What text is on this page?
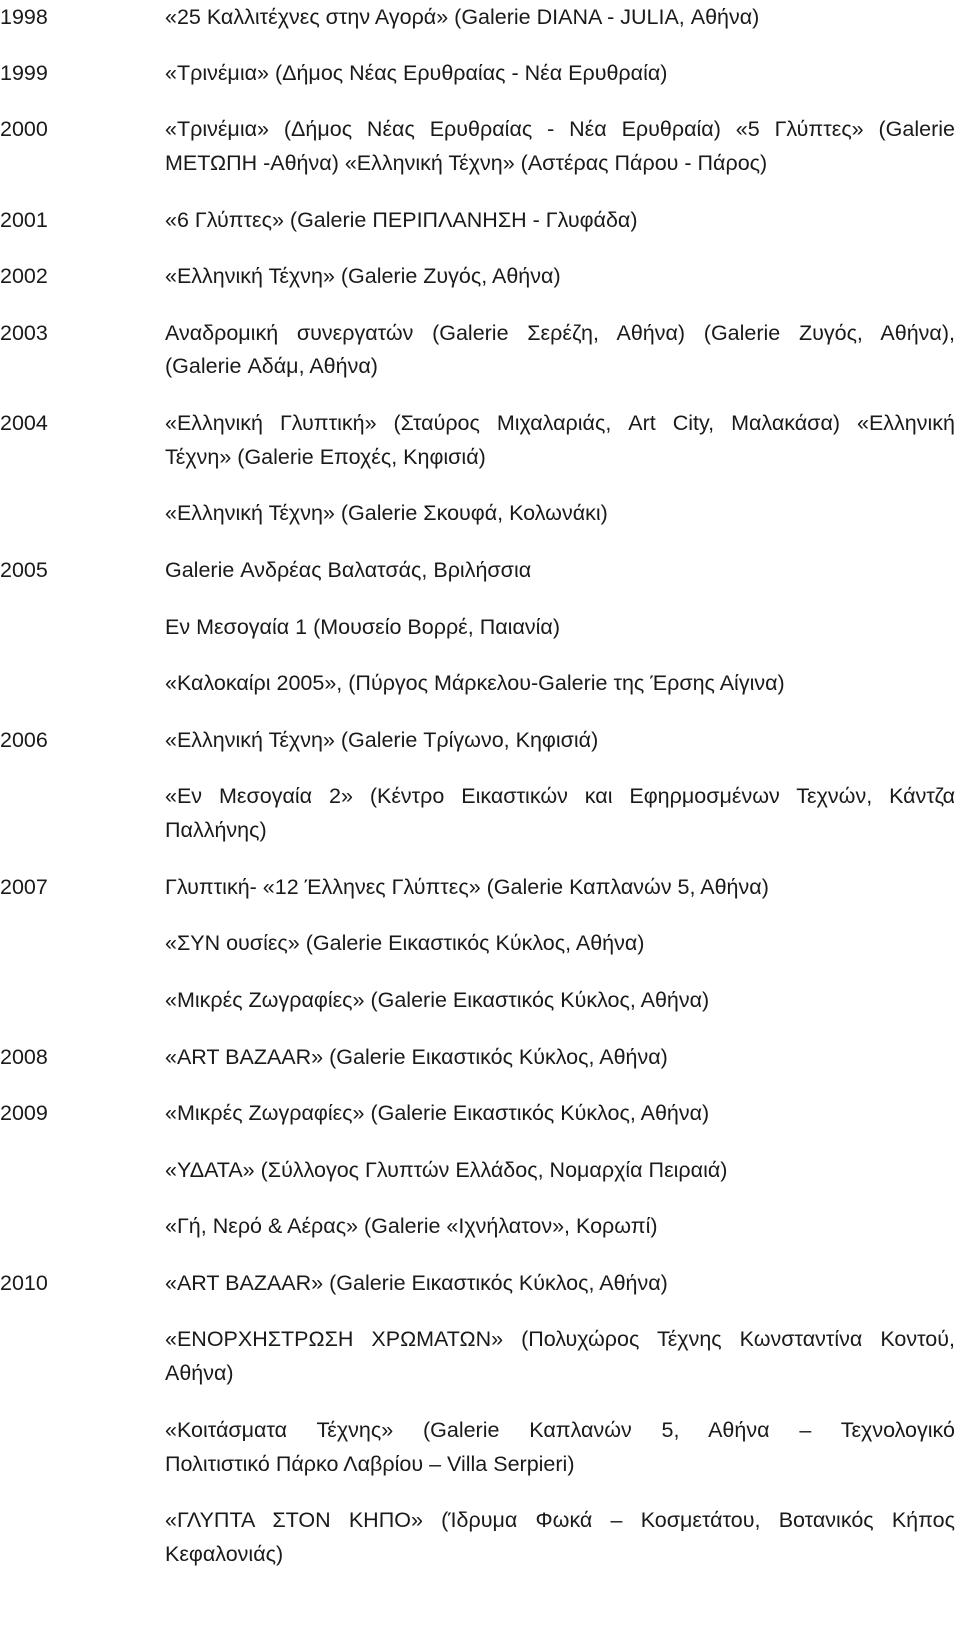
1998
1999
2000
2001
2002
2003
2004
2005
2006
2007
2008
2009
2010
«25 Καλλιτέχνες στην Αγορά» (Galerie DIANA - JULIA, Αθήνα)
«Τρινέμια» (Δήμος Νέας Ερυθραίας - Νέα Ερυθραία)
«Τρινέμια» (Δήμος Νέας Ερυθραίας - Νέα Ερυθραία) «5 Γλύπτες» (Galerie
ΜΕΤΩΠΗ -Αθήνα) «Ελληνική Τέχνη» (Αστέρας Πάρου - Πάρος)
«6 Γλύπτες» (Galerie ΠΕΡΙΠΛΑΝΗΣΗ - Γλυφάδα)
«Ελληνική Τέχνη» (Galerie Ζυγός, Αθήνα)
Αναδρομική συνεργατών (Galerie Σερέζη, Αθήνα) (Galerie Ζυγός, Αθήνα),
(Galerie Αδάμ, Αθήνα)
«Ελληνική Γλυπτική» (Σταύρος Μιχαλαριάς, Art City, Μαλακάσα) «Ελληνική
Τέχνη» (Galerie Εποχές, Κηφισιά)
«Ελληνική Τέχνη» (Galerie Σκουφά, Κολωνάκι)
Galerie Ανδρέας Βαλατσάς, Βριλήσσια
Εν Μεσογαία 1 (Μουσείο Βορρέ, Παιανία)
«Καλοκαίρι 2005», (Πύργος Μάρκελου-Galerie της Έρσης Αίγινα)
«Ελληνική Τέχνη» (Galerie Τρίγωνο, Κηφισιά)
«Εν Μεσογαία 2» (Κέντρο Εικαστικών και Εφηρμοσμένων Τεχνών, Κάντζα
Παλλήνης)
Γλυπτική- «12 Έλληνες Γλύπτες» (Galerie Καπλανών 5, Αθήνα)
«ΣΥΝ ουσίες» (Galerie Εικαστικός Κύκλος, Αθήνα)
«Μικρές Ζωγραφίες» (Galerie Εικαστικός Κύκλος, Αθήνα)
«ART BAZAAR» (Galerie Εικαστικός Κύκλος, Αθήνα)
«Μικρές Ζωγραφίες» (Galerie Εικαστικός Κύκλος, Αθήνα)
«ΥΔΑΤΑ» (Σύλλογος Γλυπτών Ελλάδος, Νομαρχία Πειραιά)
«Γή, Νερό & Αέρας» (Galerie «Ιχνήλατον», Κορωπί)
«ART BAZAAR» (Galerie Εικαστικός Κύκλος, Αθήνα)
«ΕΝΟΡΧΗΣΤΡΩΣΗ ΧΡΩΜΑΤΩΝ» (Πολυχώρος Τέχνης Κωνσταντίνα Κοντού,
Αθήνα)
«Κοιτάσματα Τέχνης» (Galerie Καπλανών 5, Αθήνα – Τεχνολογικό
Πολιτιστικό Πάρκο Λαβρίου – Villa Serpieri)
«ΓΛΥΠΤΑ ΣΤΟΝ ΚΗΠΟ» (Ίδρυμα Φωκά – Κοσμετάτου, Βοτανικός Κήπος
Κεφαλονιάς)
